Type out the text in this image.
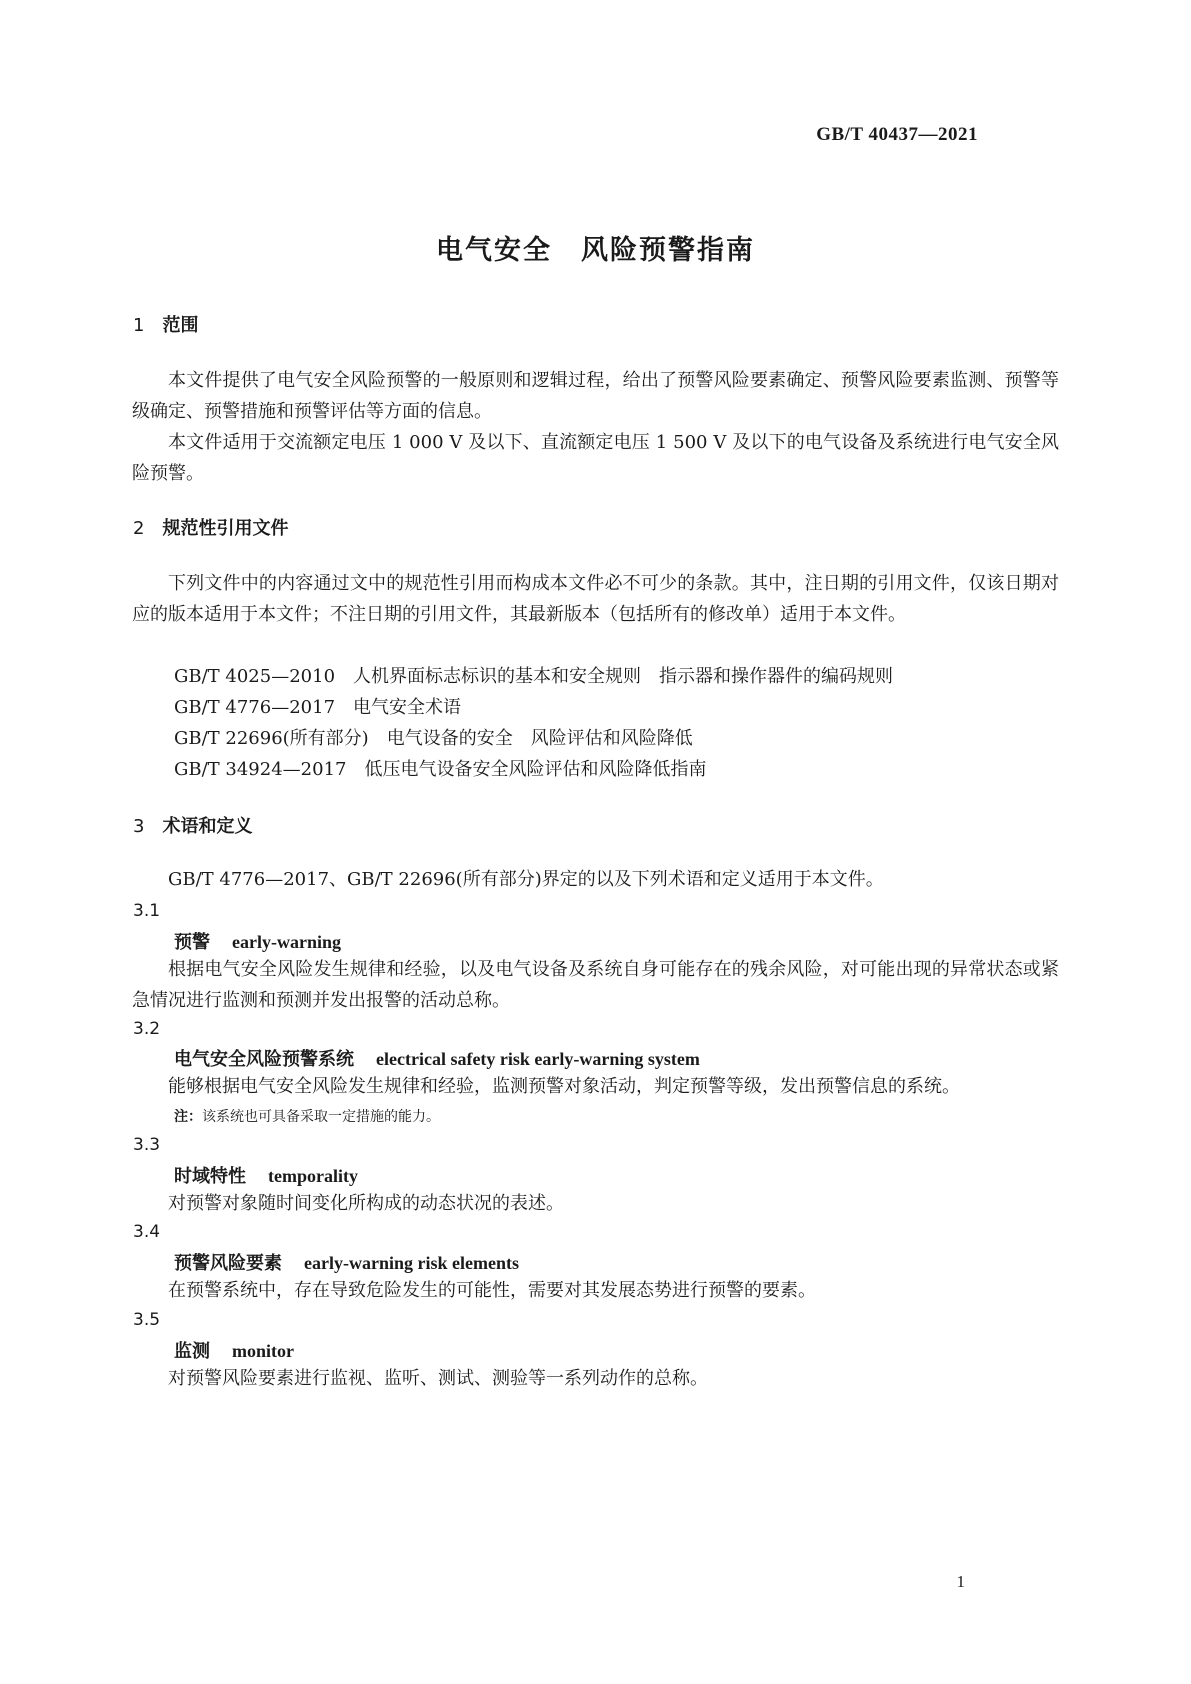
GB/T 40437—2021
电气安全　风险预警指南
1 范围
本文件提供了电气安全风险预警的一般原则和逻辑过程，给出了预警风险要素确定、预警风险要素监测、预警等级确定、预警措施和预警评估等方面的信息。
本文件适用于交流额定电压 1 000 V 及以下、直流额定电压 1 500 V 及以下的电气设备及系统进行电气安全风险预警。
2 规范性引用文件
下列文件中的内容通过文中的规范性引用而构成本文件必不可少的条款。其中，注日期的引用文件，仅该日期对应的版本适用于本文件；不注日期的引用文件，其最新版本（包括所有的修改单）适用于本文件。
GB/T 4025—2010 人机界面标志标识的基本和安全规则　指示器和操作器件的编码规则
GB/T 4776—2017 电气安全术语
GB/T 22696(所有部分) 电气设备的安全　风险评估和风险降低
GB/T 34924—2017 低压电气设备安全风险评估和风险降低指南
3 术语和定义
GB/T 4776—2017、GB/T 22696(所有部分)界定的以及下列术语和定义适用于本文件。
3.1
预警 early-warning
根据电气安全风险发生规律和经验，以及电气设备及系统自身可能存在的残余风险，对可能出现的异常状态或紧急情况进行监测和预测并发出报警的活动总称。
3.2
电气安全风险预警系统 electrical safety risk early-warning system
能够根据电气安全风险发生规律和经验，监测预警对象活动，判定预警等级，发出预警信息的系统。
注：该系统也可具备采取一定措施的能力。
3.3
时域特性 temporality
对预警对象随时间变化所构成的动态状况的表述。
3.4
预警风险要素 early-warning risk elements
在预警系统中，存在导致危险发生的可能性，需要对其发展态势进行预警的要素。
3.5
监测 monitor
对预警风险要素进行监视、监听、测试、测验等一系列动作的总称。
1
